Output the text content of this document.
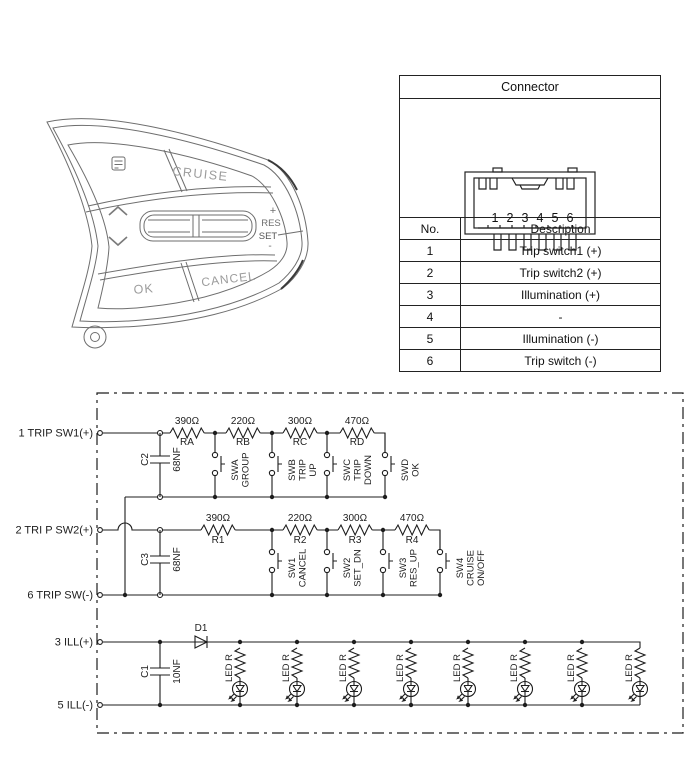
CRUISE
OK	CANCEL
+
RES
SET
-
Connector	

1 2 3 4 5 6

No.	Description
1	Trip switch1 (+)
2	Trip switch2 (+)
3	Illumination (+)
4	-
5	Illumination (-)
6	Trip switch (-)
1 TRIP SW1(+)
2 TRI P SW2(+)
6 TRIP SW(-)
3 ILL(+)
5 ILL(-)
390Ω
RA
220Ω
RB
300Ω
RC
470Ω
RD
C2 68NF	SWA GROUP	SWB TRIP UP SWC TRIP DOWN	SWD OK
390Ω
R1
220Ω
R2
300Ω
R3
470Ω
R4
C3 68NF	SW1 CANCEL	SW2 SET_DN	SW3 RES_UP	SW4 CRUISE ON/OFF
D1
C1 10NF	LED R	LED R	LED R	LED R	LED R	LED R	LED R	LED R
